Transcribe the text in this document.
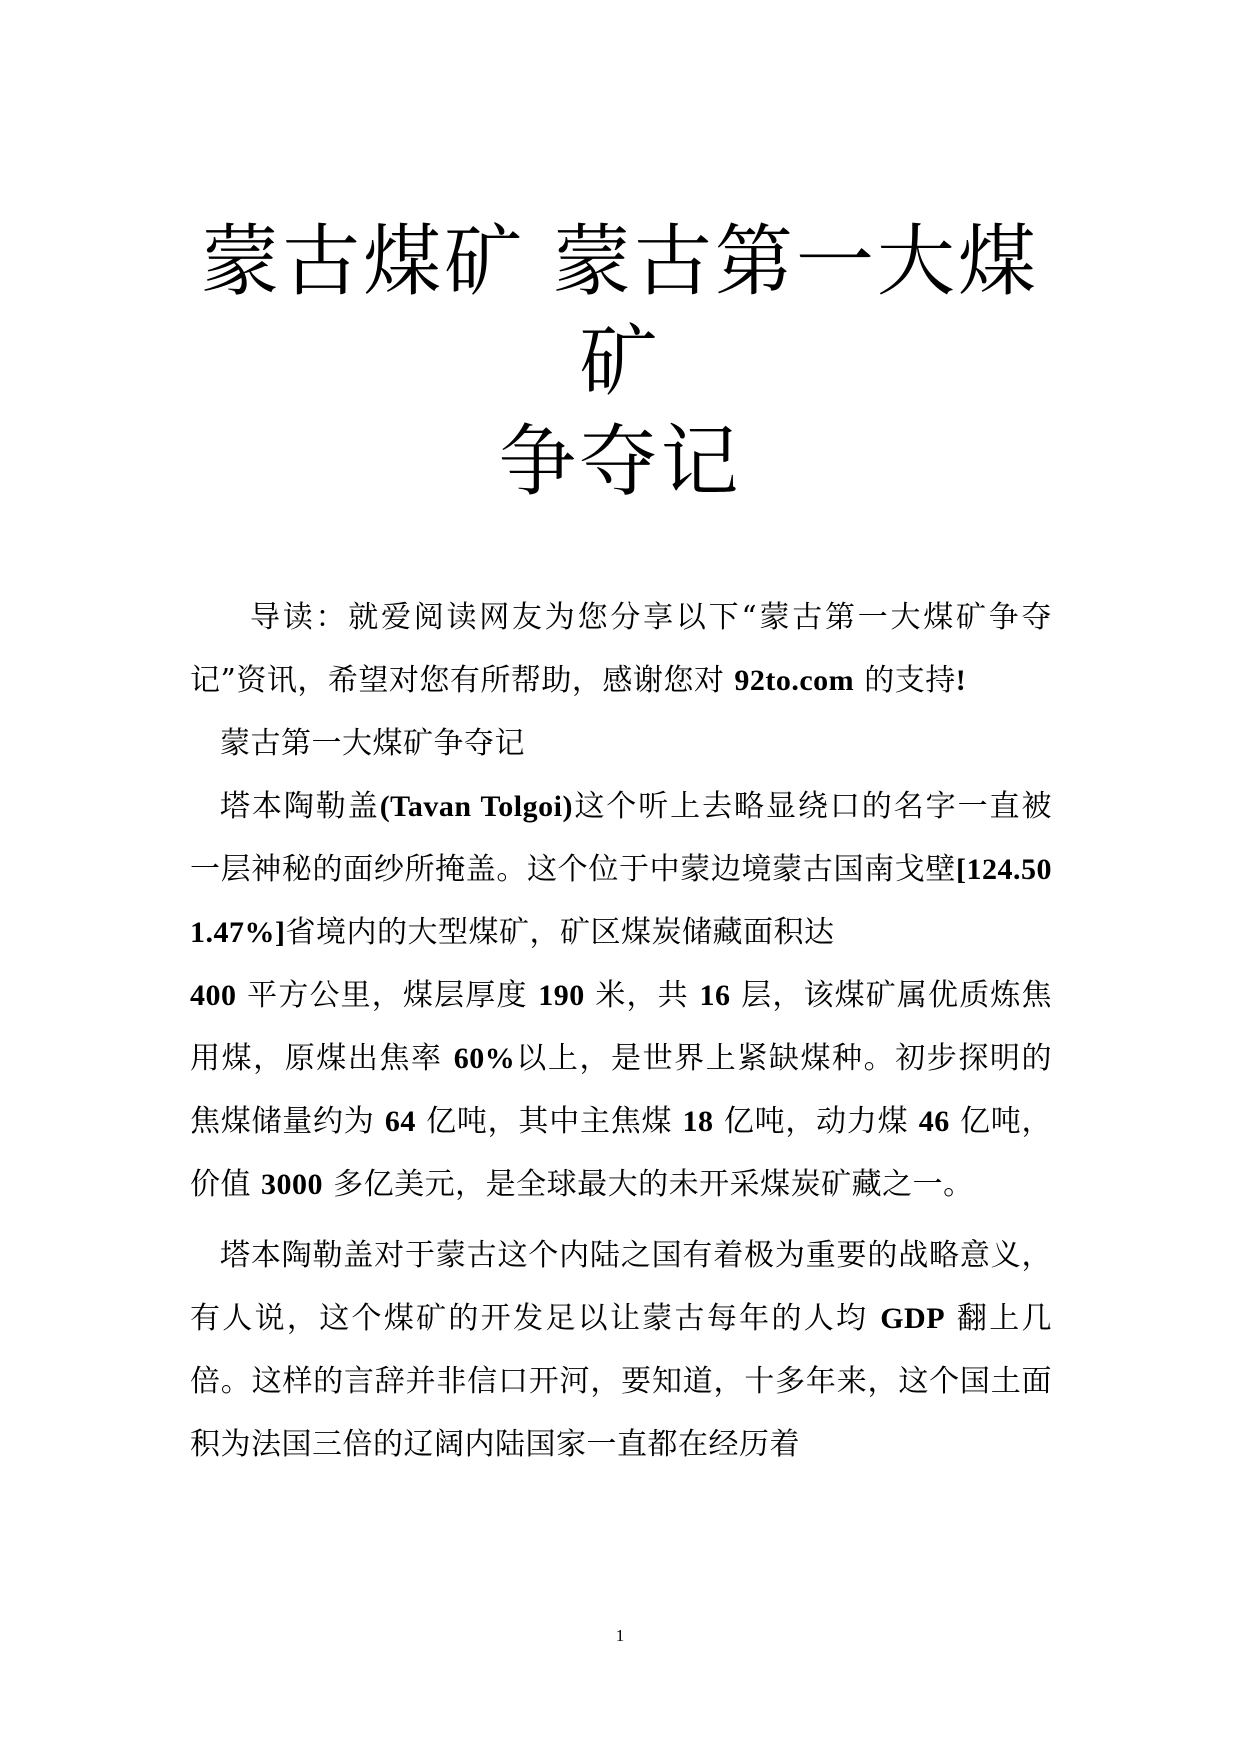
蒙古煤矿 蒙古第一大煤矿
争夺记

导读：就爱阅读网友为您分享以下“蒙古第一大煤矿争夺记”资讯，希望对您有所帮助，感谢您对 92to.com 的支持!

蒙古第一大煤矿争夺记

塔本陶勒盖(Tavan Tolgoi)这个听上去略显绕口的名字一直被一层神秘的面纱所掩盖。这个位于中蒙边境蒙古国南戈壁[124.50 1.47%]省境内的大型煤矿，矿区煤炭储藏面积达
400 平方公里，煤层厚度 190 米，共 16 层，该煤矿属优质炼焦用煤，原煤出焦率 60%以上，是世界上紧缺煤种。初步探明的焦煤储量约为 64 亿吨，其中主焦煤 18 亿吨，动力煤 46 亿吨，价值 3000 多亿美元，是全球最大的未开采煤炭矿藏之一。

塔本陶勒盖对于蒙古这个内陆之国有着极为重要的战略意义，有人说，这个煤矿的开发足以让蒙古每年的人均 GDP 翻上几倍。这样的言辞并非信口开河，要知道，十多年来，这个国土面积为法国三倍的辽阔内陆国家一直都在经历着

1
